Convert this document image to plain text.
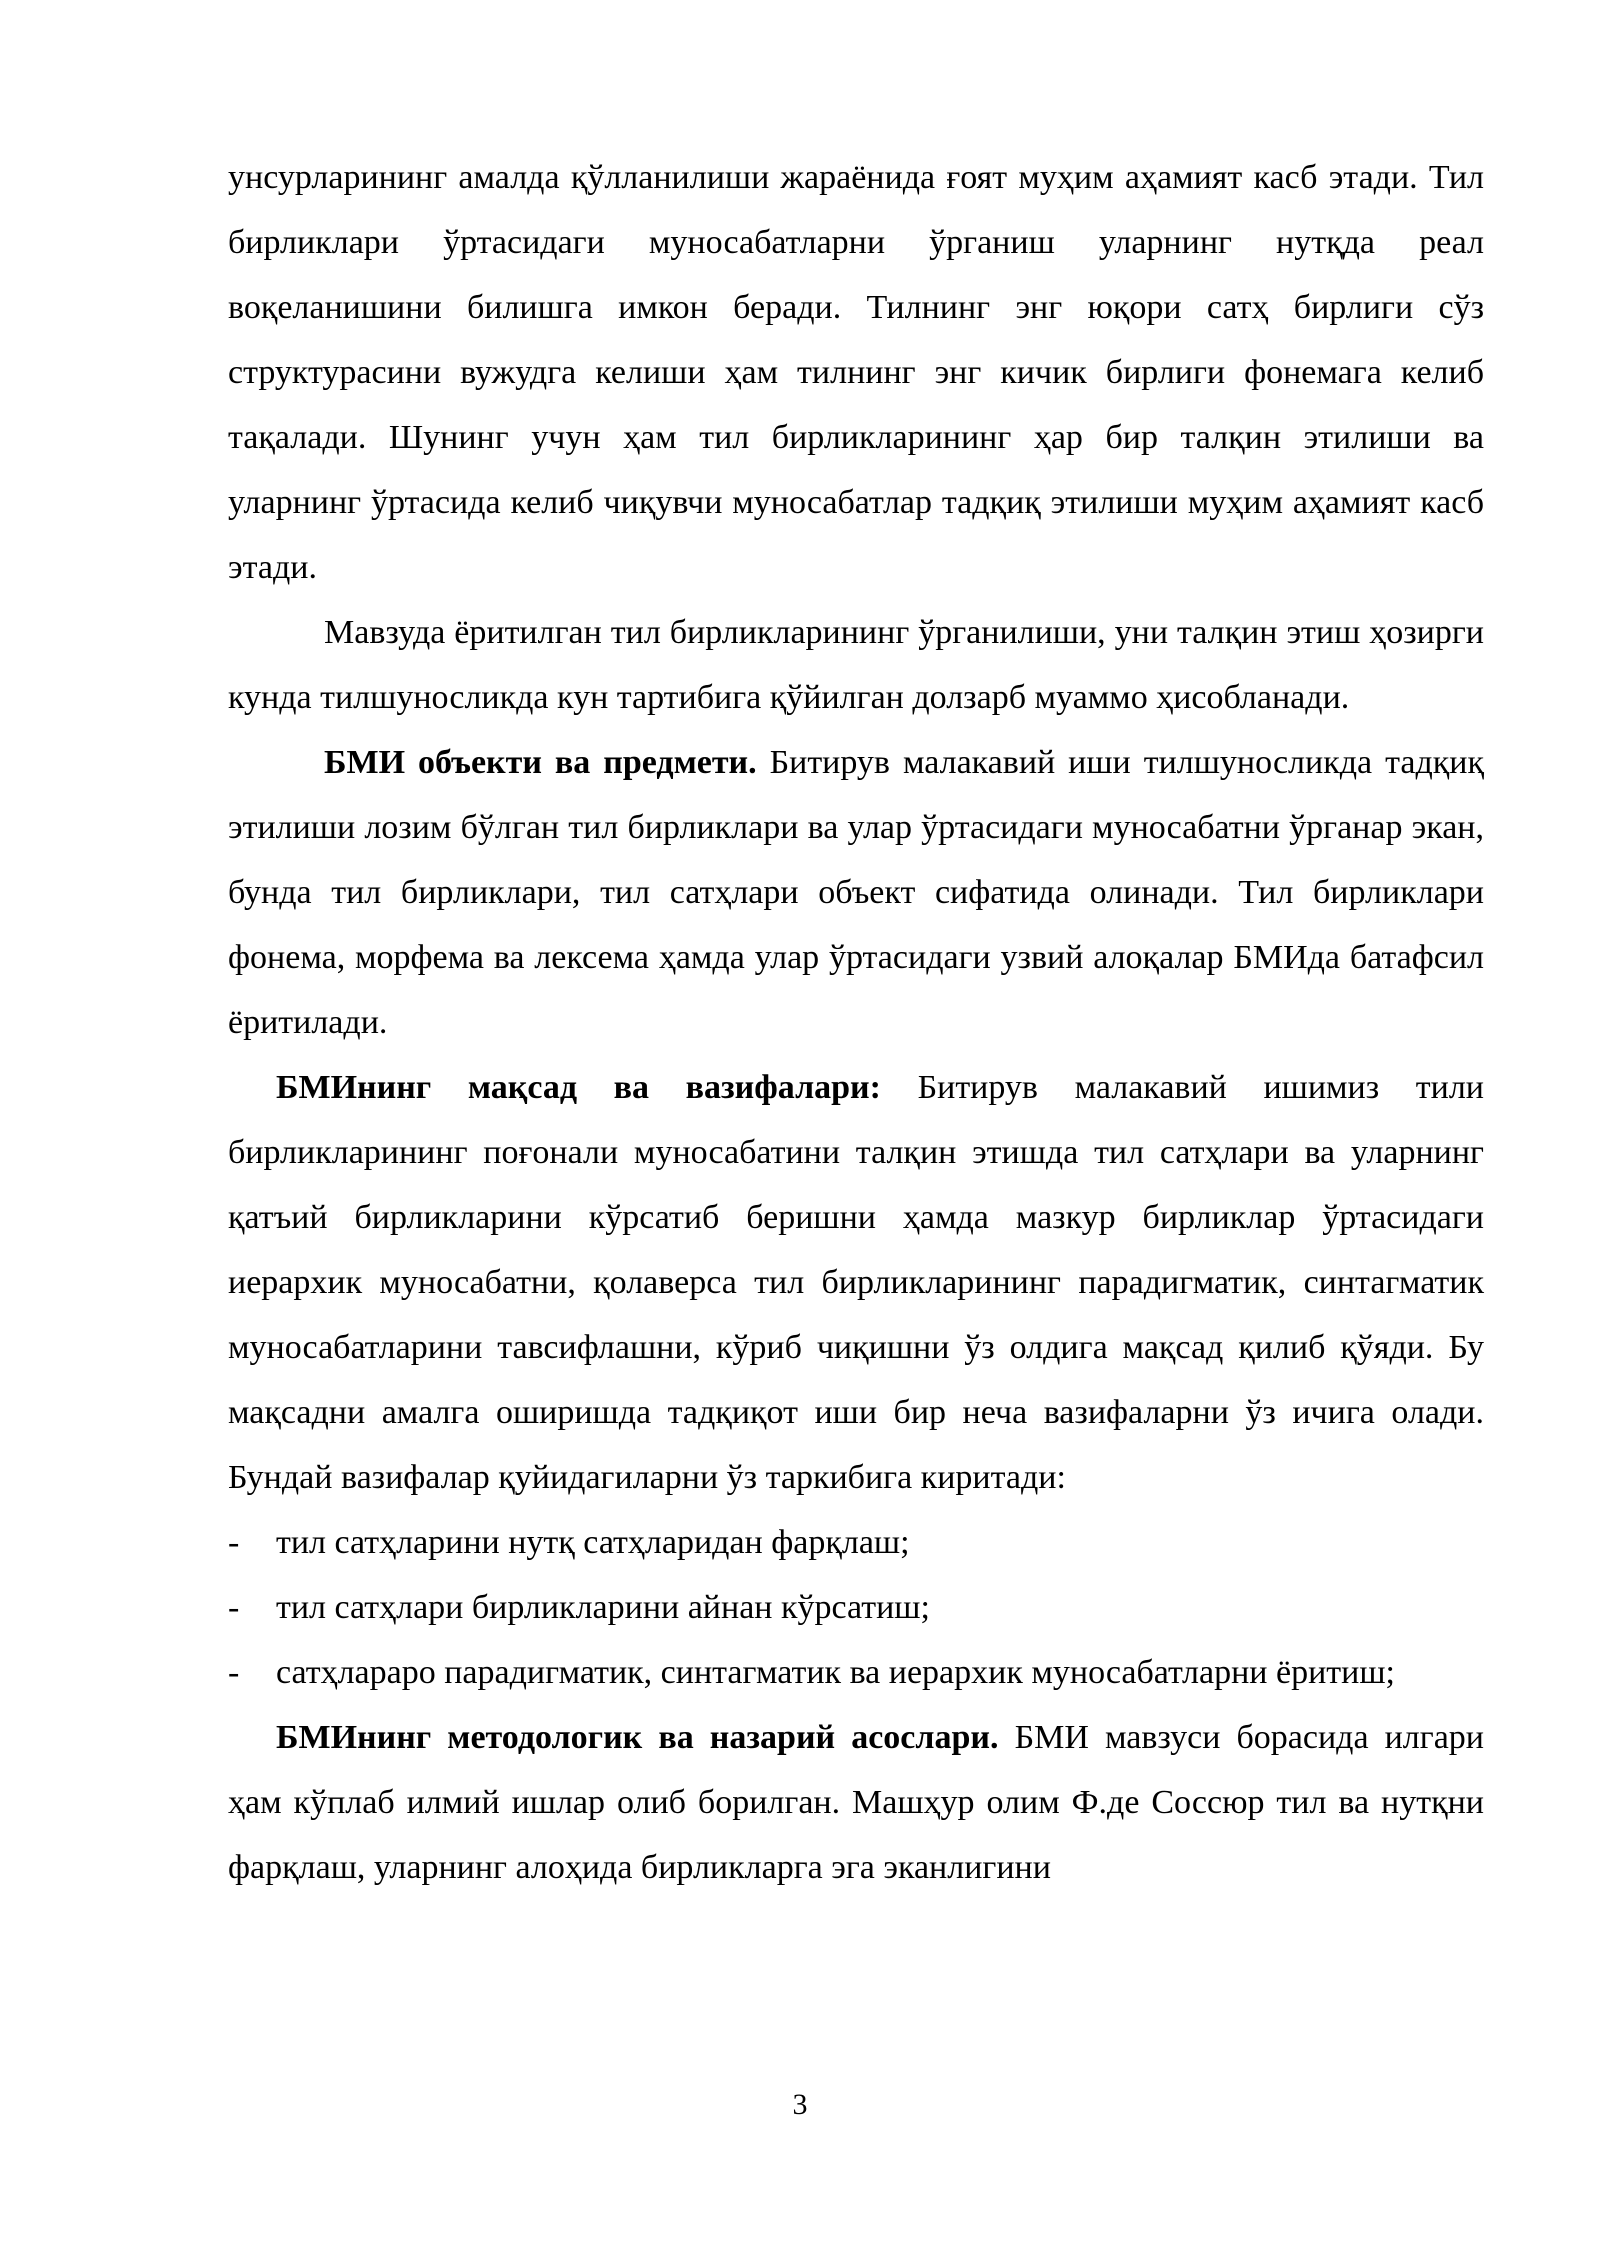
унсурларининг амалда қўлланилиши жараёнида ғоят муҳим аҳамият касб этади. Тил бирликлари ўртасидаги муносабатларни ўрганиш уларнинг нутқда реал воқеланишини билишга имкон беради. Тилнинг энг юқори сатҳ бирлиги сўз структурасини вужудга келиши ҳам тилнинг энг кичик бирлиги фонемага келиб тақалади. Шунинг учун ҳам тил бирликларининг ҳар бир талқин этилиши ва уларнинг ўртасида келиб чиқувчи муносабатлар тадқиқ этилиши муҳим аҳамият касб этади.

Мавзуда ёритилган тил бирликларининг ўрганилиши, уни талқин этиш ҳозирги кунда тилшуносликда кун тартибига қўйилган долзарб муаммо ҳисобланади.

БМИ объекти ва предмети. Битирув малакавий иши тилшуносликда тадқиқ этилиши лозим бўлган тил бирликлари ва улар ўртасидаги муносабатни ўрганар экан, бунда тил бирликлари, тил сатҳлари объект сифатида олинади. Тил бирликлари фонема, морфема ва лексема ҳамда улар ўртасидаги узвий алоқалар БМИда батафсил ёритилади.

БМИнинг мақсад ва вазифалари: Битирув малакавий ишимиз тили бирликларининг поғонали муносабатини талқин этишда тил сатҳлари ва уларнинг қатъий бирликларини кўрсатиб беришни ҳамда мазкур бирликлар ўртасидаги иерархик муносабатни, қолаверса тил бирликларининг парадигматик, синтагматик муносабатларини тавсифлашни, кўриб чиқишни ўз олдига мақсад қилиб қўяди. Бу мақсадни амалга оширишда тадқиқот иши бир неча вазифаларни ўз ичига олади. Бундай вазифалар қуйидагиларни ўз таркибига киритади:

- тил сатҳларини нутқ сатҳларидан фарқлаш;
- тил сатҳлари бирликларини айнан кўрсатиш;
- сатҳлараро парадигматик, синтагматик ва иерархик муносабатларни ёритиш;

БМИнинг методологик ва назарий асослари. БМИ мавзуси борасида илгари ҳам кўплаб илмий ишлар олиб борилган. Машҳур олим Ф.де Соссюр тил ва нутқни фарқлаш, уларнинг алоҳида бирликларга эга эканлигини

3
